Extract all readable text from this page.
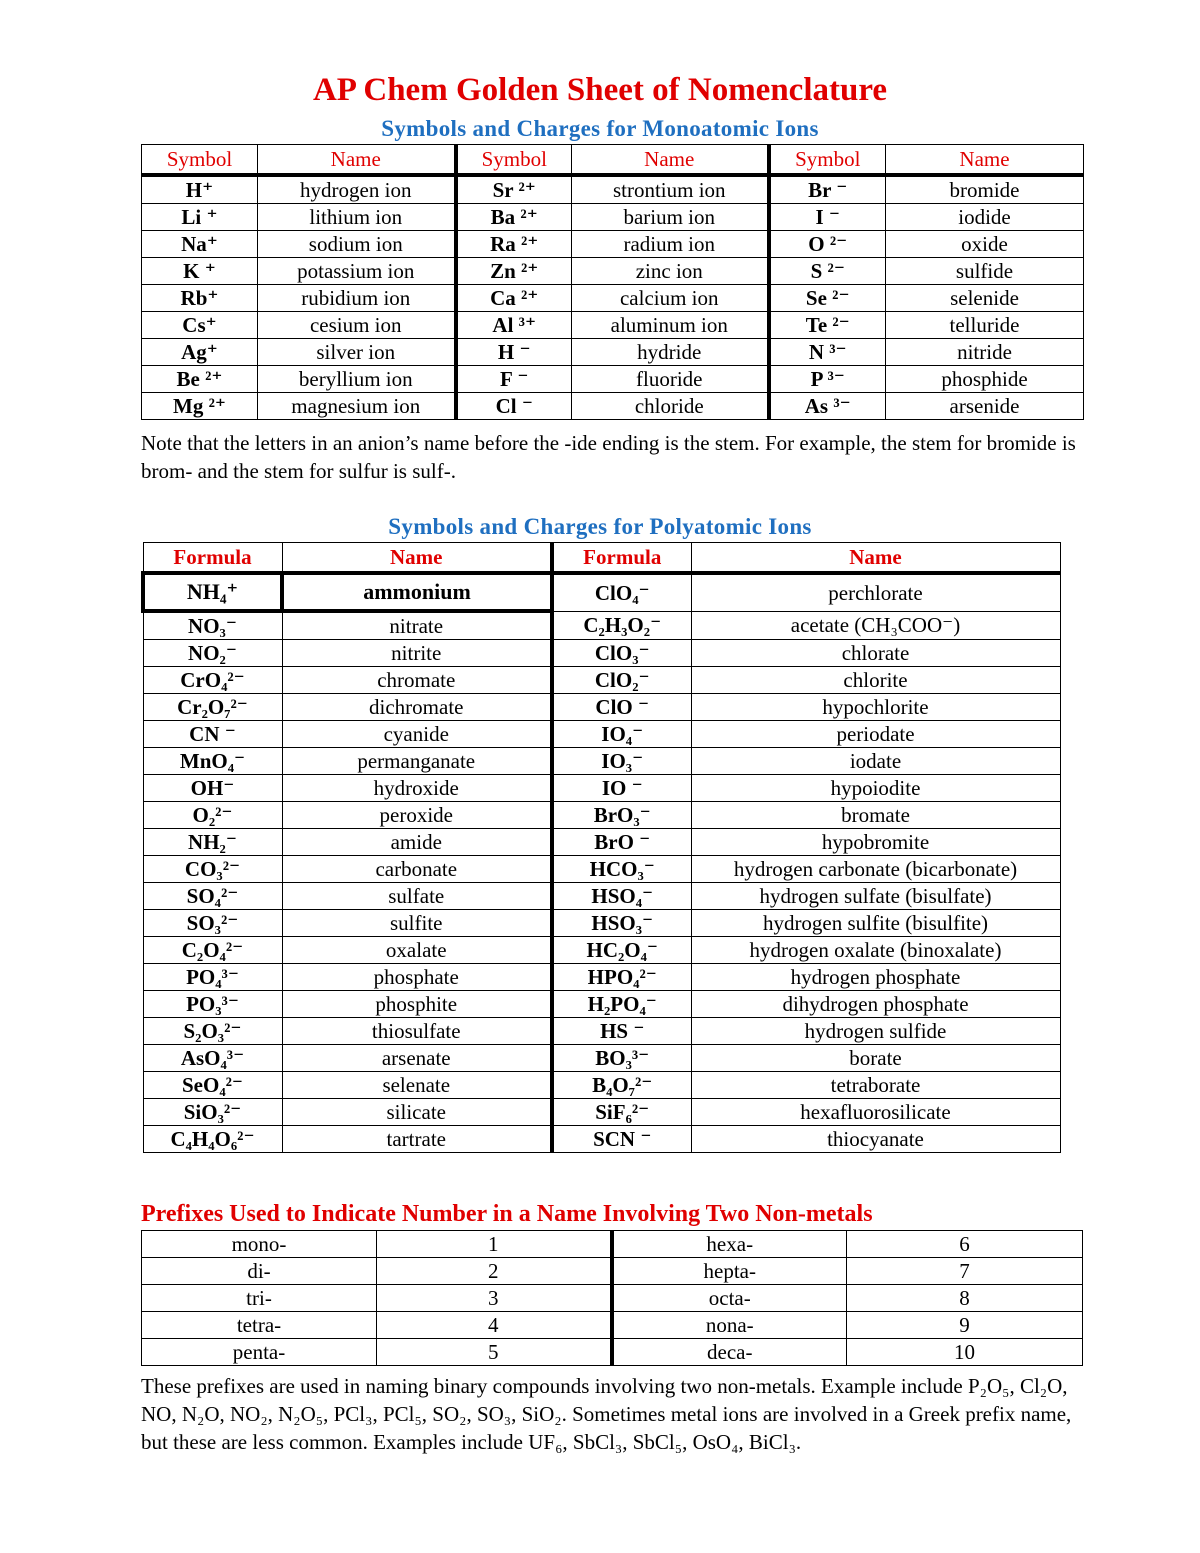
AP Chem Golden Sheet of Nomenclature
Symbols and Charges for Monoatomic Ions
Symbol	Name	Symbol	Name	Symbol	Name
H⁺	hydrogen ion	Sr ²⁺	strontium ion	Br ⁻	bromide
Li ⁺	lithium ion	Ba ²⁺	barium ion	I ⁻	iodide
Na⁺	sodium ion	Ra ²⁺	radium ion	O ²⁻	oxide
K ⁺	potassium ion	Zn ²⁺	zinc ion	S ²⁻	sulfide
Rb⁺	rubidium ion	Ca ²⁺	calcium ion	Se ²⁻	selenide
Cs⁺	cesium ion	Al ³⁺	aluminum ion	Te ²⁻	telluride
Ag⁺	silver ion	H ⁻	hydride	N ³⁻	nitride
Be ²⁺	beryllium ion	F ⁻	fluoride	P ³⁻	phosphide
Mg ²⁺	magnesium ion	Cl ⁻	chloride	As ³⁻	arsenide
Note that the letters in an anion’s name before the -ide ending is the stem. For example, the stem for bromide is brom- and the stem for sulfur is sulf-.
Symbols and Charges for Polyatomic Ions
Formula	Name	Formula	Name
NH₄⁺	ammonium	ClO₄⁻	perchlorate
NO₃⁻	nitrate	C₂H₃O₂⁻	acetate (CH₃COO⁻)
NO₂⁻	nitrite	ClO₃⁻	chlorate
CrO₄²⁻	chromate	ClO₂⁻	chlorite
Cr₂O₇²⁻	dichromate	ClO ⁻	hypochlorite
CN ⁻	cyanide	IO₄⁻	periodate
MnO₄⁻	permanganate	IO₃⁻	iodate
OH⁻	hydroxide	IO ⁻	hypoiodite
O₂²⁻	peroxide	BrO₃⁻	bromate
NH₂⁻	amide	BrO ⁻	hypobromite
CO₃²⁻	carbonate	HCO₃⁻	hydrogen carbonate (bicarbonate)
SO₄²⁻	sulfate	HSO₄⁻	hydrogen sulfate (bisulfate)
SO₃²⁻	sulfite	HSO₃⁻	hydrogen sulfite (bisulfite)
C₂O₄²⁻	oxalate	HC₂O₄⁻	hydrogen oxalate (binoxalate)
PO₄³⁻	phosphate	HPO₄²⁻	hydrogen phosphate
PO₃³⁻	phosphite	H₂PO₄⁻	dihydrogen phosphate
S₂O₃²⁻	thiosulfate	HS ⁻	hydrogen sulfide
AsO₄³⁻	arsenate	BO₃³⁻	borate
SeO₄²⁻	selenate	B₄O₇²⁻	tetraborate
SiO₃²⁻	silicate	SiF₆²⁻	hexafluorosilicate
C₄H₄O₆²⁻	tartrate	SCN ⁻	thiocyanate
Prefixes Used to Indicate Number in a Name Involving Two Non-metals
mono-	1	hexa-	6
di-	2	hepta-	7
tri-	3	octa-	8
tetra-	4	nona-	9
penta-	5	deca-	10
These prefixes are used in naming binary compounds involving two non-metals. Example include P₂O₅, Cl₂O, NO, N₂O, NO₂, N₂O₅, PCl₃, PCl₅, SO₂, SO₃, SiO₂. Sometimes metal ions are involved in a Greek prefix name, but these are less common. Examples include UF₆, SbCl₃, SbCl₅, OsO₄, BiCl₃.
